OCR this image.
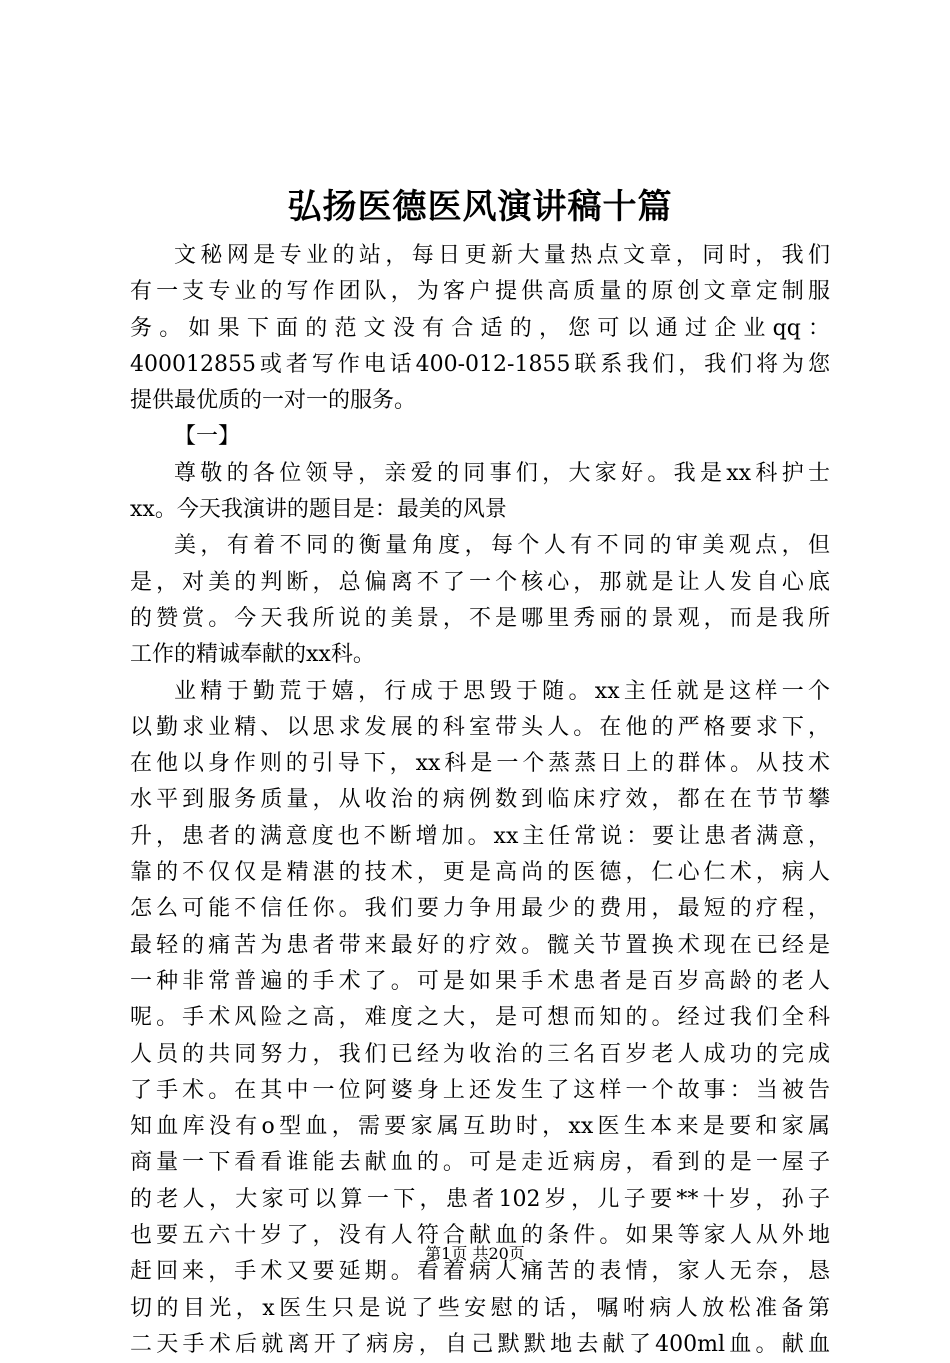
弘扬医德医风演讲稿十篇
文秘网是专业的站，每日更新大量热点文章，同时，我们
有一支专业的写作团队，为客户提供高质量的原创文章定制服
务。如果下面的范文没有合适的，您可以通过企业qq：
400012855或者写作电话400-012-1855联系我们，我们将为您
提供最优质的一对一的服务。
【一】
尊敬的各位领导，亲爱的同事们，大家好。我是xx科护士
xx。今天我演讲的题目是：最美的风景
美，有着不同的衡量角度，每个人有不同的审美观点，但
是，对美的判断，总偏离不了一个核心，那就是让人发自心底
的赞赏。今天我所说的美景，不是哪里秀丽的景观，而是我所
工作的精诚奉献的xx科。
业精于勤荒于嬉，行成于思毁于随。xx主任就是这样一个
以勤求业精、以思求发展的科室带头人。在他的严格要求下，
在他以身作则的引导下，xx科是一个蒸蒸日上的群体。从技术
水平到服务质量，从收治的病例数到临床疗效，都在在节节攀
升，患者的满意度也不断增加。xx主任常说：要让患者满意，
靠的不仅仅是精湛的技术，更是高尚的医德，仁心仁术，病人
怎么可能不信任你。我们要力争用最少的费用，最短的疗程，
最轻的痛苦为患者带来最好的疗效。髋关节置换术现在已经是
一种非常普遍的手术了。可是如果手术患者是百岁高龄的老人
呢。手术风险之高，难度之大，是可想而知的。经过我们全科
人员的共同努力，我们已经为收治的三名百岁老人成功的完成
了手术。在其中一位阿婆身上还发生了这样一个故事：当被告
知血库没有o型血，需要家属互助时，xx医生本来是要和家属
商量一下看看谁能去献血的。可是走近病房，看到的是一屋子
的老人，大家可以算一下，患者102岁，儿子要**十岁，孙子
也要五六十岁了，没有人符合献血的条件。如果等家人从外地
赶回来，手术又要延期。看着病人痛苦的表情，家人无奈，恳
切的目光，x医生只是说了些安慰的话，嘱咐病人放松准备第
二天手术后就离开了病房，自己默默地去献了400ml血。献血
第1页 共20页
